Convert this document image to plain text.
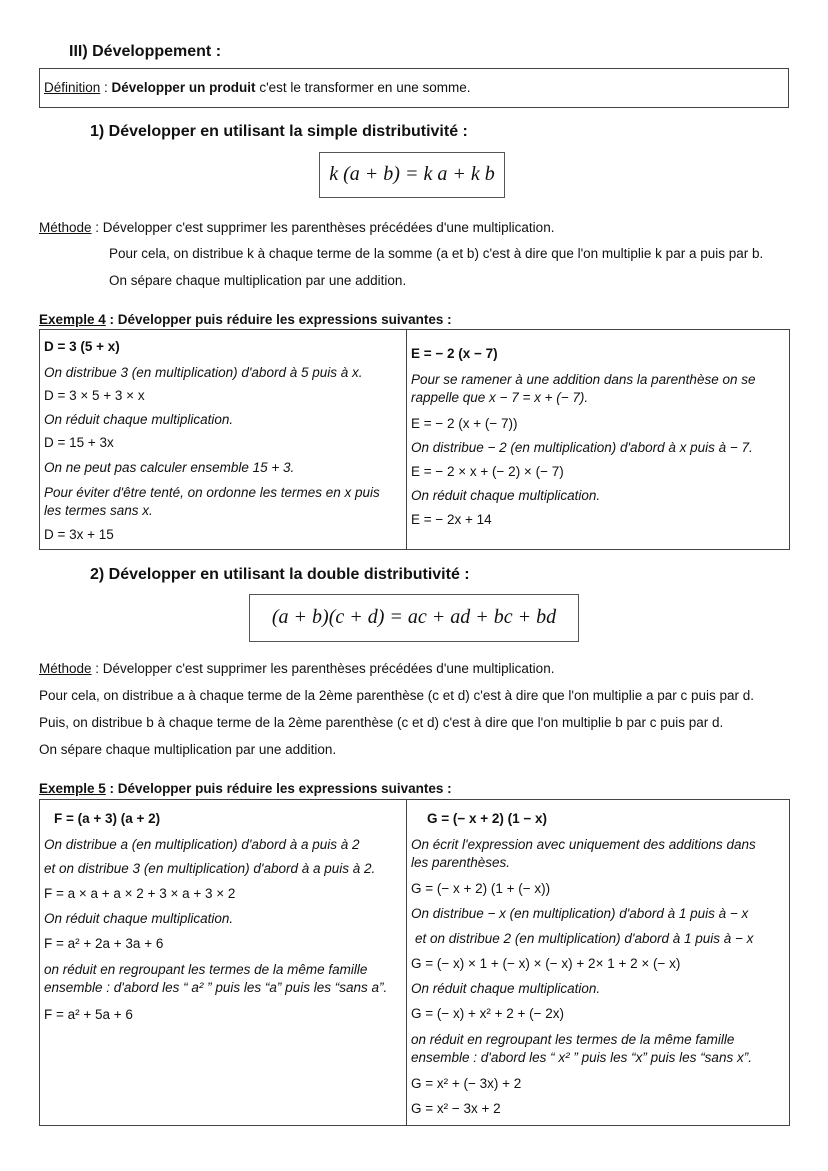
III) Développement :
Définition : Développer un produit c'est le transformer en une somme.
1) Développer en utilisant la simple distributivité :
k (a + b) = k a + k b
Méthode : Développer c'est supprimer les parenthèses précédées d'une multiplication.
Pour cela, on distribue k à chaque terme de la somme (a et b) c'est à dire que l'on multiplie k par a puis par b.
On sépare chaque multiplication par une addition.
Exemple 4 : Développer puis réduire les expressions suivantes :
D = 3 (5 + x)
On distribue 3 (en multiplication) d'abord à 5 puis à x.
D = 3 × 5 + 3 × x
On réduit chaque multiplication.
D = 15 + 3x
On ne peut pas calculer ensemble 15 + 3.
Pour éviter d'être tenté, on ordonne les termes en x puis
les termes sans x.
D = 3x + 15
E = − 2 (x − 7)
Pour se ramener à une addition dans la parenthèse on se
rappelle que x − 7 = x + (− 7).
E = − 2 (x + (− 7))
On distribue − 2 (en multiplication) d'abord à x puis à − 7.
E = − 2 × x + (− 2) × (− 7)
On réduit chaque multiplication.
E = − 2x + 14
2) Développer en utilisant la double distributivité :
(a + b)(c + d) = ac + ad + bc + bd
Méthode : Développer c'est supprimer les parenthèses précédées d'une multiplication.
Pour cela, on distribue a à chaque terme de la 2ème parenthèse (c et d) c'est à dire que l'on multiplie a par c puis par d.
Puis, on distribue b à chaque terme de la 2ème parenthèse (c et d) c'est à dire que l'on multiplie b par c puis par d.
On sépare chaque multiplication par une addition.
Exemple 5 : Développer puis réduire les expressions suivantes :
F = (a + 3) (a + 2)
On distribue a (en multiplication) d'abord à a puis à 2
et on distribue 3 (en multiplication) d'abord à a puis à 2.
F = a × a + a × 2 + 3 × a + 3 × 2
On réduit chaque multiplication.
F = a² + 2a + 3a + 6
on réduit en regroupant les termes de la même famille
ensemble : d'abord les “ a² ” puis les “a” puis les “sans a”.
F = a² + 5a + 6
G = (− x + 2) (1 − x)
On écrit l'expression avec uniquement des additions dans
les parenthèses.
G = (− x + 2) (1 + (− x))
On distribue − x (en multiplication) d'abord à 1 puis à − x
et on distribue 2 (en multiplication) d'abord à 1 puis à − x
G = (− x) × 1 + (− x) × (− x) + 2× 1 + 2 × (− x)
On réduit chaque multiplication.
G = (− x) + x² + 2 + (− 2x)
on réduit en regroupant les termes de la même famille
ensemble : d'abord les “ x² ” puis les “x” puis les “sans x”.
G = x² + (− 3x) + 2
G = x² − 3x + 2
